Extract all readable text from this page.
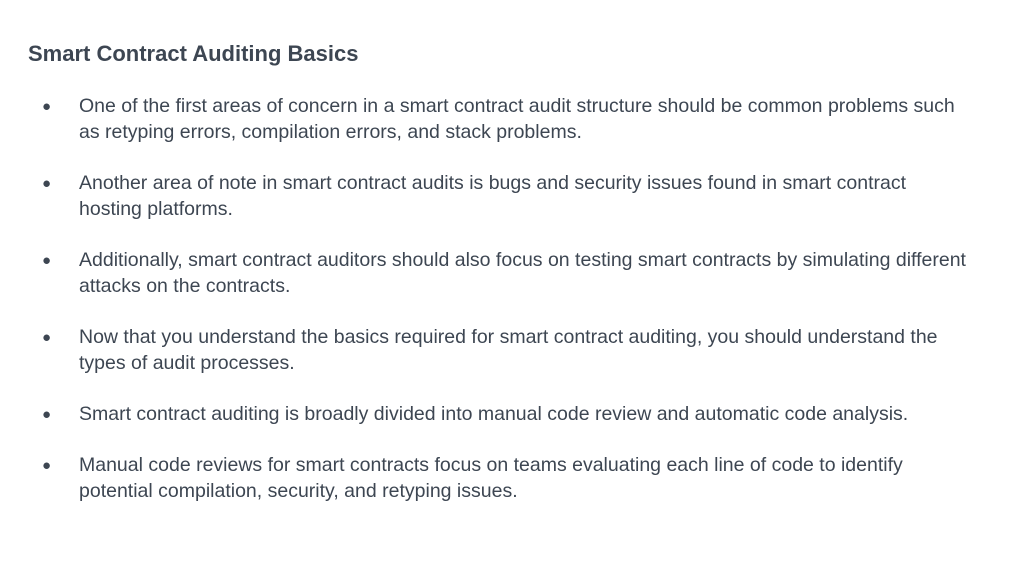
Smart Contract Auditing Basics
● One of the first areas of concern in a smart contract audit structure should be common problems such as retyping errors, compilation errors, and stack problems.
● Another area of note in smart contract audits is bugs and security issues found in smart contract hosting platforms.
● Additionally, smart contract auditors should also focus on testing smart contracts by simulating different attacks on the contracts.
● Now that you understand the basics required for smart contract auditing, you should understand the types of audit processes.
● Smart contract auditing is broadly divided into manual code review and automatic code analysis.
● Manual code reviews for smart contracts focus on teams evaluating each line of code to identify potential compilation, security, and retyping issues.
